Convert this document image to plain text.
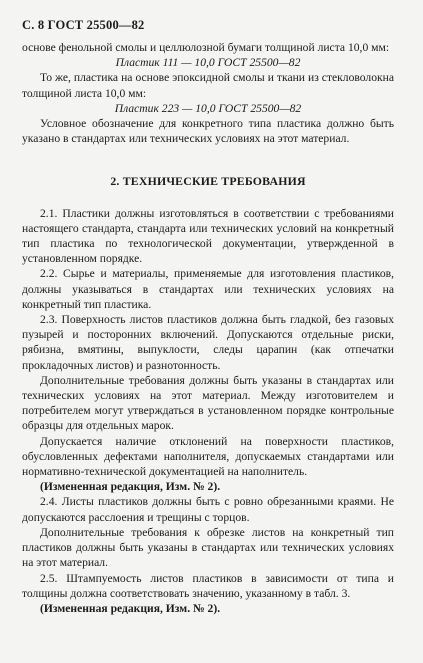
С. 8 ГОСТ 25500—82

основе фенольной смолы и целлюлозной бумаги толщиной листа 10,0 мм:

Пластик 111 — 10,0 ГОСТ 25500—82

То же, пластика на основе эпоксидной смолы и ткани из стекловолокна толщиной листа 10,0 мм:

Пластик 223 — 10,0 ГОСТ 25500—82

Условное обозначение для конкретного типа пластика должно быть указано в стандартах или технических условиях на этот материал.

2. ТЕХНИЧЕСКИЕ ТРЕБОВАНИЯ

2.1. Пластики должны изготовляться в соответствии с требованиями настоящего стандарта, стандарта или технических условий на конкретный тип пластика по технологической документации, утвержденной в установленном порядке.

2.2. Сырье и материалы, применяемые для изготовления пластиков, должны указываться в стандартах или технических условиях на конкретный тип пластика.

2.3. Поверхность листов пластиков должна быть гладкой, без газовых пузырей и посторонних включений. Допускаются отдельные риски, рябизна, вмятины, выпуклости, следы царапин (как отпечатки прокладочных листов) и разнотонность.

Дополнительные требования должны быть указаны в стандартах или технических условиях на этот материал. Между изготовителем и потребителем могут утверждаться в установленном порядке контрольные образцы для отдельных марок.

Допускается наличие отклонений на поверхности пластиков, обусловленных дефектами наполнителя, допускаемых стандартами или нормативно-технической документацией на наполнитель.

(Измененная редакция, Изм. № 2).

2.4. Листы пластиков должны быть с ровно обрезанными краями. Не допускаются расслоения и трещины с торцов.

Дополнительные требования к обрезке листов на конкретный тип пластиков должны быть указаны в стандартах или технических условиях на этот материал.

2.5. Штампуемость листов пластиков в зависимости от типа и толщины должна соответствовать значению, указанному в табл. 3.

(Измененная редакция, Изм. № 2).
